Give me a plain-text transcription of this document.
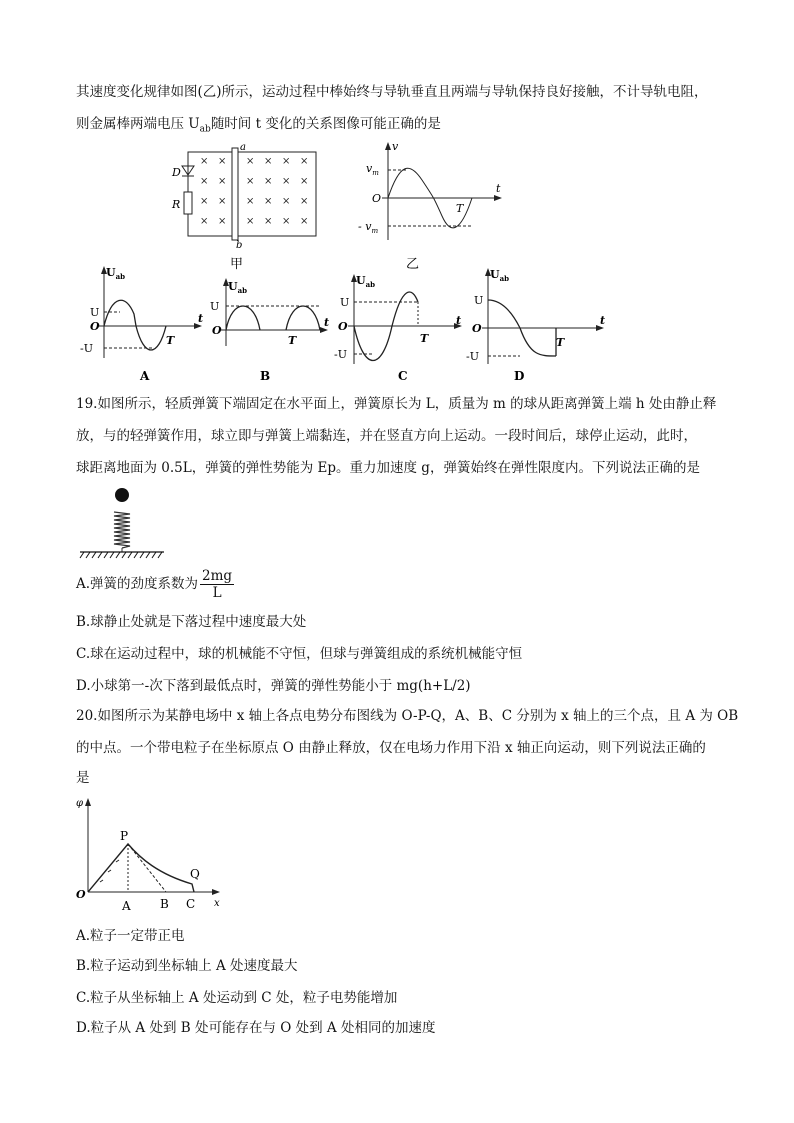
其速度变化规律如图(乙)所示，运动过程中棒始终与导轨垂直且两端与导轨保持良好接触，不计导轨电阻，
则金属棒两端电压 $U_{ab}$随时间 t 变化的关系图像可能正确的是
D
R
a
b
× ×
× ×
× ×
× ×
× × × ×
× × × ×
× × × ×
× × × ×
甲
v
$v_m$
O
t
T
- $v_m$
乙
$U_{ab}$
U
O
-U
T
t
A
$U_{ab}$
U
O
T
t
B
$U_{ab}$
U
O
-U
T
t
C
$U_{ab}$
U
O
-U
T
t
D
19.如图所示，轻质弹簧下端固定在水平面上，弹簧原长为 L，质量为 m 的球从距离弹簧上端 h 处由静止释
放，与的轻弹簧作用，球立即与弹簧上端黏连，并在竖直方向上运动。一段时间后，球停止运动，此时，
球距离地面为 0.5L，弹簧的弹性势能为 Ep。重力加速度 g，弹簧始终在弹性限度内。下列说法正确的是
A.弹簧的劲度系数为 $\frac{2mg}{L}$
B.球静止处就是下落过程中速度最大处
C.球在运动过程中，球的机械能不守恒，但球与弹簧组成的系统机械能守恒
D.小球第一-次下落到最低点时，弹簧的弹性势能小于 mg(h+L/2)
20.如图所示为某静电场中 x 轴上各点电势分布图线为 O-P-Q，A、B、C 分别为 x 轴上的三个点，且 A 为 OB
的中点。一个带电粒子在坐标原点 O 由静止释放，仅在电场力作用下沿 x 轴正向运动，则下列说法正确的
是
φ
x
O
P
Q
A B C
A.粒子一定带正电
B.粒子运动到坐标轴上 A 处速度最大
C.粒子从坐标轴上 A 处运动到 C 处，粒子电势能增加
D.粒子从 A 处到 B 处可能存在与 O 处到 A 处相同的加速度
